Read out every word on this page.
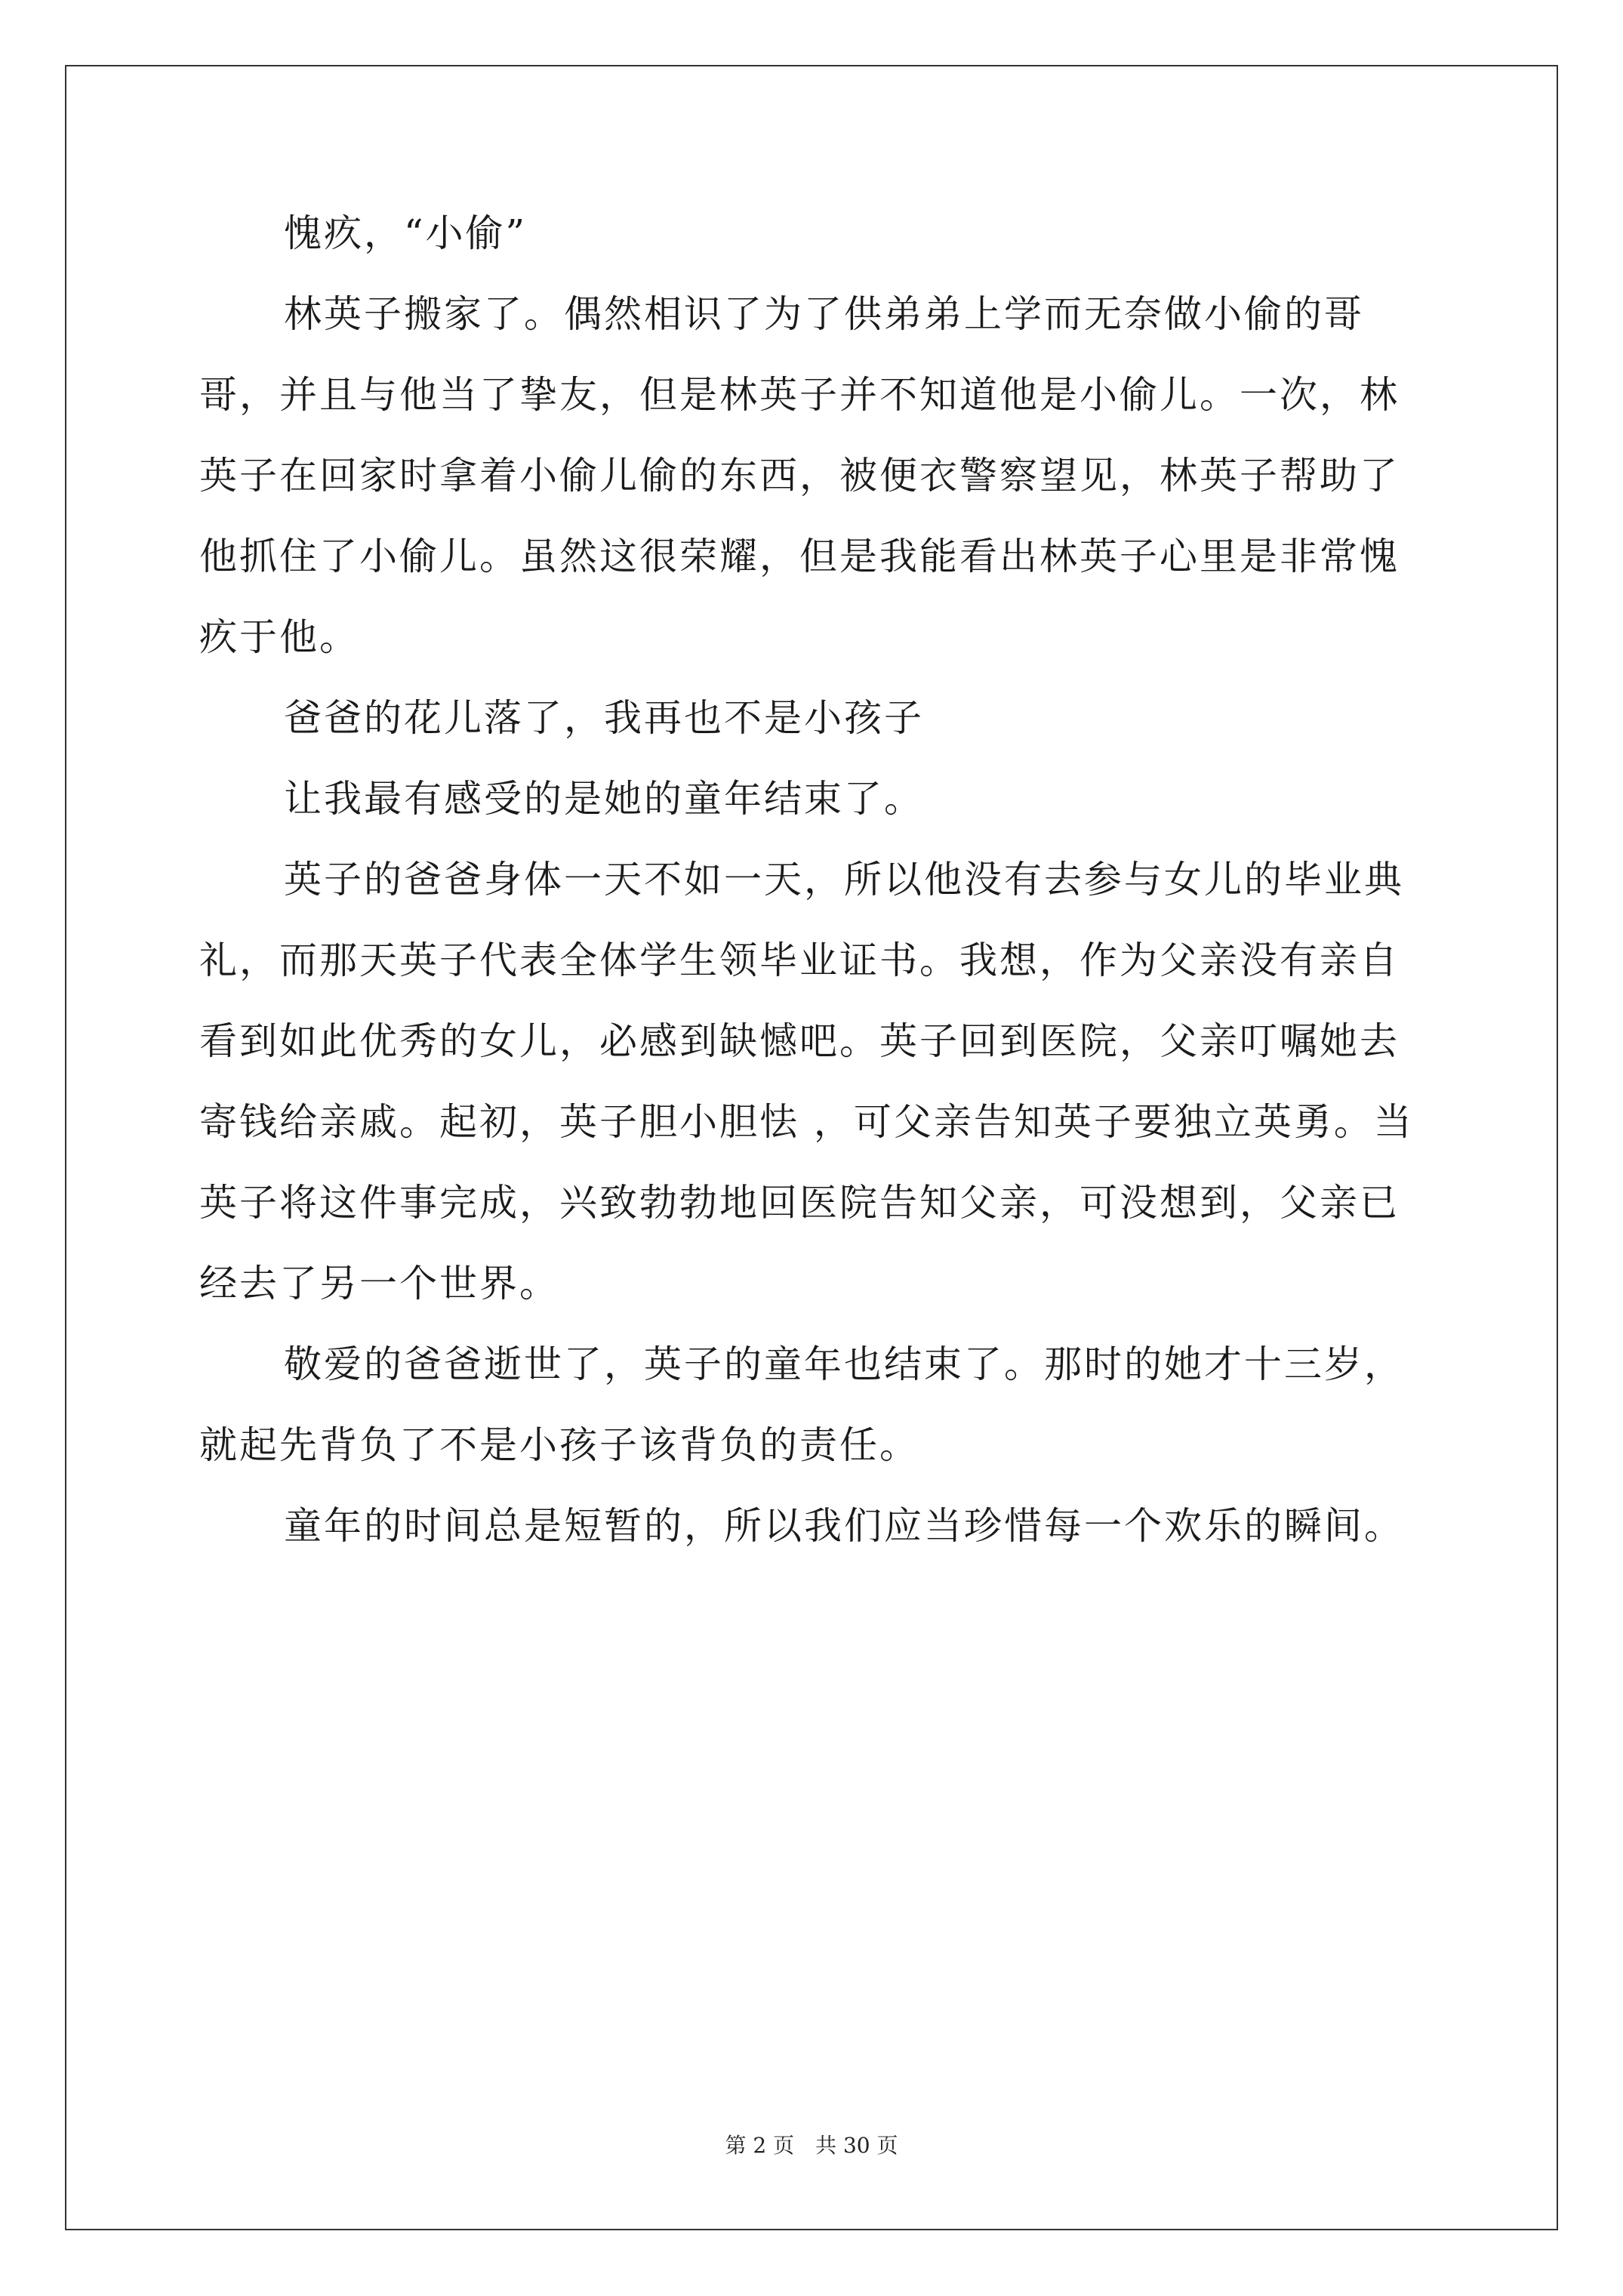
愧疚，“小偷”

林英子搬家了。偶然相识了为了供弟弟上学而无奈做小偷的哥哥，并且与他当了挚友，但是林英子并不知道他是小偷儿。一次，林英子在回家时拿着小偷儿偷的东西，被便衣警察望见，林英子帮助了他抓住了小偷儿。虽然这很荣耀，但是我能看出林英子心里是非常愧疚于他。

爸爸的花儿落了，我再也不是小孩子

让我最有感受的是她的童年结束了。

英子的爸爸身体一天不如一天，所以他没有去参与女儿的毕业典礼，而那天英子代表全体学生领毕业证书。我想，作为父亲没有亲自看到如此优秀的女儿，必感到缺憾吧。英子回到医院，父亲叮嘱她去寄钱给亲戚。起初，英子胆小胆怯 ，可父亲告知英子要独立英勇。当英子将这件事完成，兴致勃勃地回医院告知父亲，可没想到，父亲已经去了另一个世界。

敬爱的爸爸逝世了，英子的童年也结束了。那时的她才十三岁，就起先背负了不是小孩子该背负的责任。

童年的时间总是短暂的，所以我们应当珍惜每一个欢乐的瞬间。

第 2 页　共 30 页
